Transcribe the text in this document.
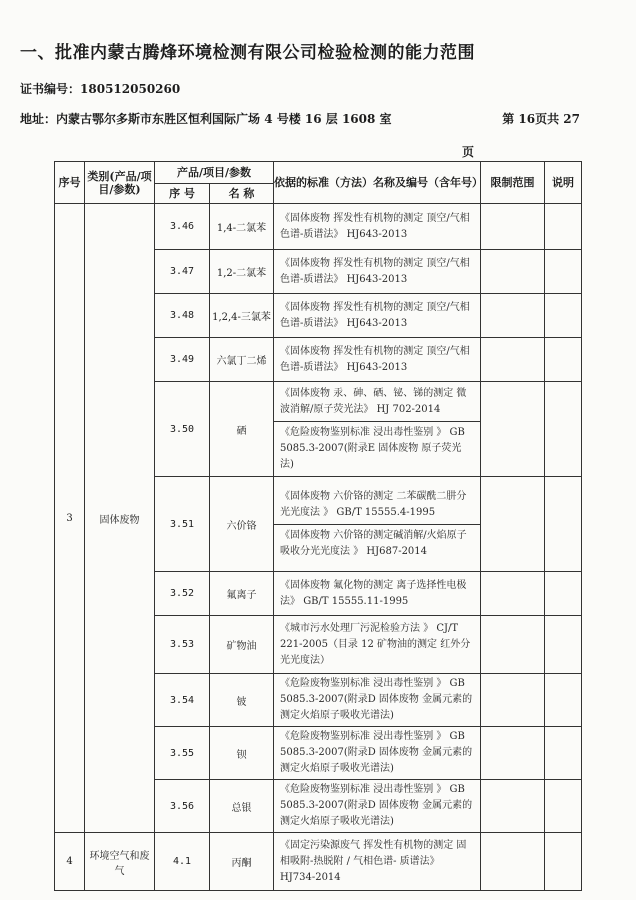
一、批准内蒙古腾烽环境检测有限公司检验检测的能力范围
证书编号：180512050260
地址：内蒙古鄂尔多斯市东胜区恒利国际广场 4 号楼 16 层 1608 室	第 16页共 27
页
序号	类别(产品/项目/参数)	产品/项目/参数		依据的标准（方法）名称及编号（含年号）	限制范围	说明
		序 号	名 称			
3	固体废物	3.46	1,4-二氯苯	《固体废物 挥发性有机物的测定 顶空/气相色谱-质谱法》 HJ643-2013		
		3.47	1,2-二氯苯	《固体废物 挥发性有机物的测定 顶空/气相色谱-质谱法》 HJ643-2013		
		3.48	1,2,4-三氯苯	《固体废物 挥发性有机物的测定 顶空/气相色谱-质谱法》 HJ643-2013		
		3.49	六氯丁二烯	《固体废物 挥发性有机物的测定 顶空/气相色谱-质谱法》 HJ643-2013		
		3.50	硒	《固体废物 汞、砷、硒、铋、锑的测定 微波消解/原子荧光法》 HJ 702-2014
《危险废物鉴别标准 浸出毒性鉴别 》 GB 5085.3-2007(附录E 固体废物 原子荧光法)		
		3.51	六价铬	《固体废物 六价铬的测定 二苯碳酰二肼分光光度法 》 GB/T 15555.4-1995
《固体废物 六价铬的测定碱消解/火焰原子吸收分光光度法 》 HJ687-2014		
		3.52	氟离子	《固体废物 氟化物的测定 离子选择性电极法》 GB/T 15555.11-1995		
		3.53	矿物油	《城市污水处理厂污泥检验方法 》 CJ/T 221-2005（目录 12 矿物油的测定 红外分光光度法）		
		3.54	铍	《危险废物鉴别标准 浸出毒性鉴别 》 GB 5085.3-2007(附录D 固体废物 金属元素的测定火焰原子吸收光谱法)		
		3.55	钡	《危险废物鉴别标准 浸出毒性鉴别 》 GB 5085.3-2007(附录D 固体废物 金属元素的测定火焰原子吸收光谱法)		
		3.56	总银	《危险废物鉴别标准 浸出毒性鉴别 》 GB 5085.3-2007(附录D 固体废物 金属元素的测定火焰原子吸收光谱法)		
4	环境空气和废气	4.1	丙酮	《固定污染源废气 挥发性有机物的测定 固相吸附-热脱附 / 气相色谱- 质谱法》 HJ734-2014		
